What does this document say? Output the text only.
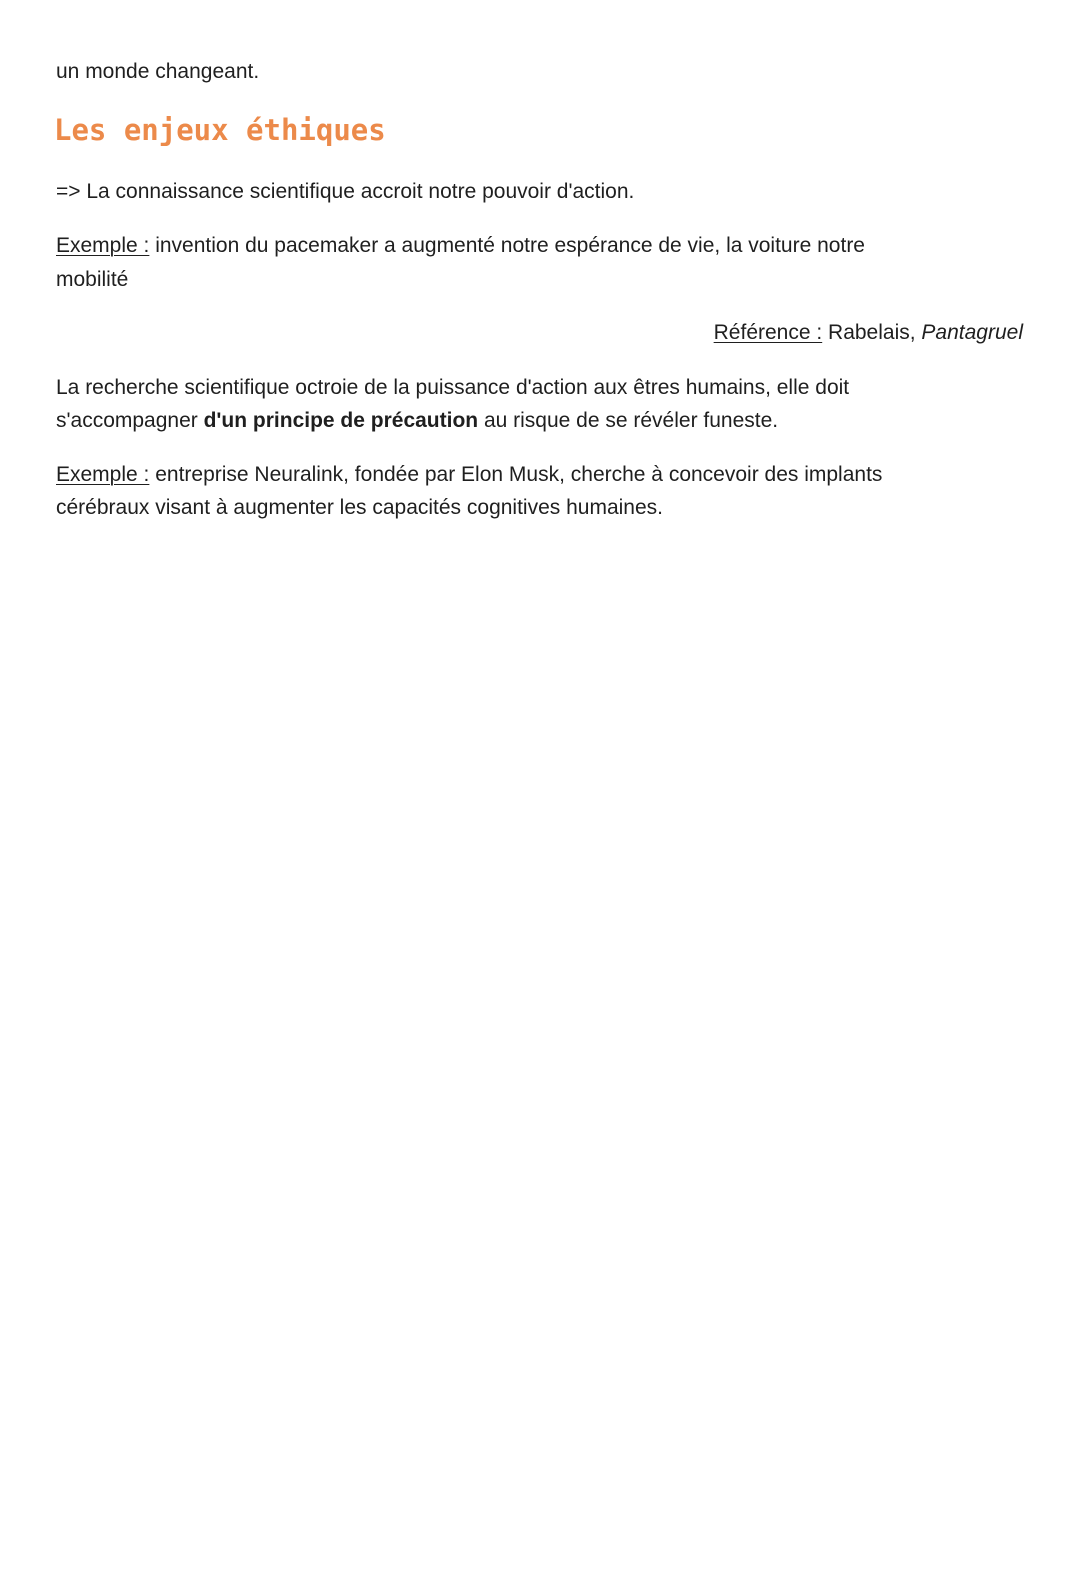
un monde changeant.
Les enjeux éthiques
=> La connaissance scientifique accroit notre pouvoir d'action.
Exemple : invention du pacemaker a augmenté notre espérance de vie, la voiture notre
mobilité
Référence : Rabelais, Pantagruel
La recherche scientifique octroie de la puissance d'action aux êtres humains, elle doit
s'accompagner d'un principe de précaution au risque de se révéler funeste.
Exemple : entreprise Neuralink, fondée par Elon Musk, cherche à concevoir des implants
cérébraux visant à augmenter les capacités cognitives humaines.
